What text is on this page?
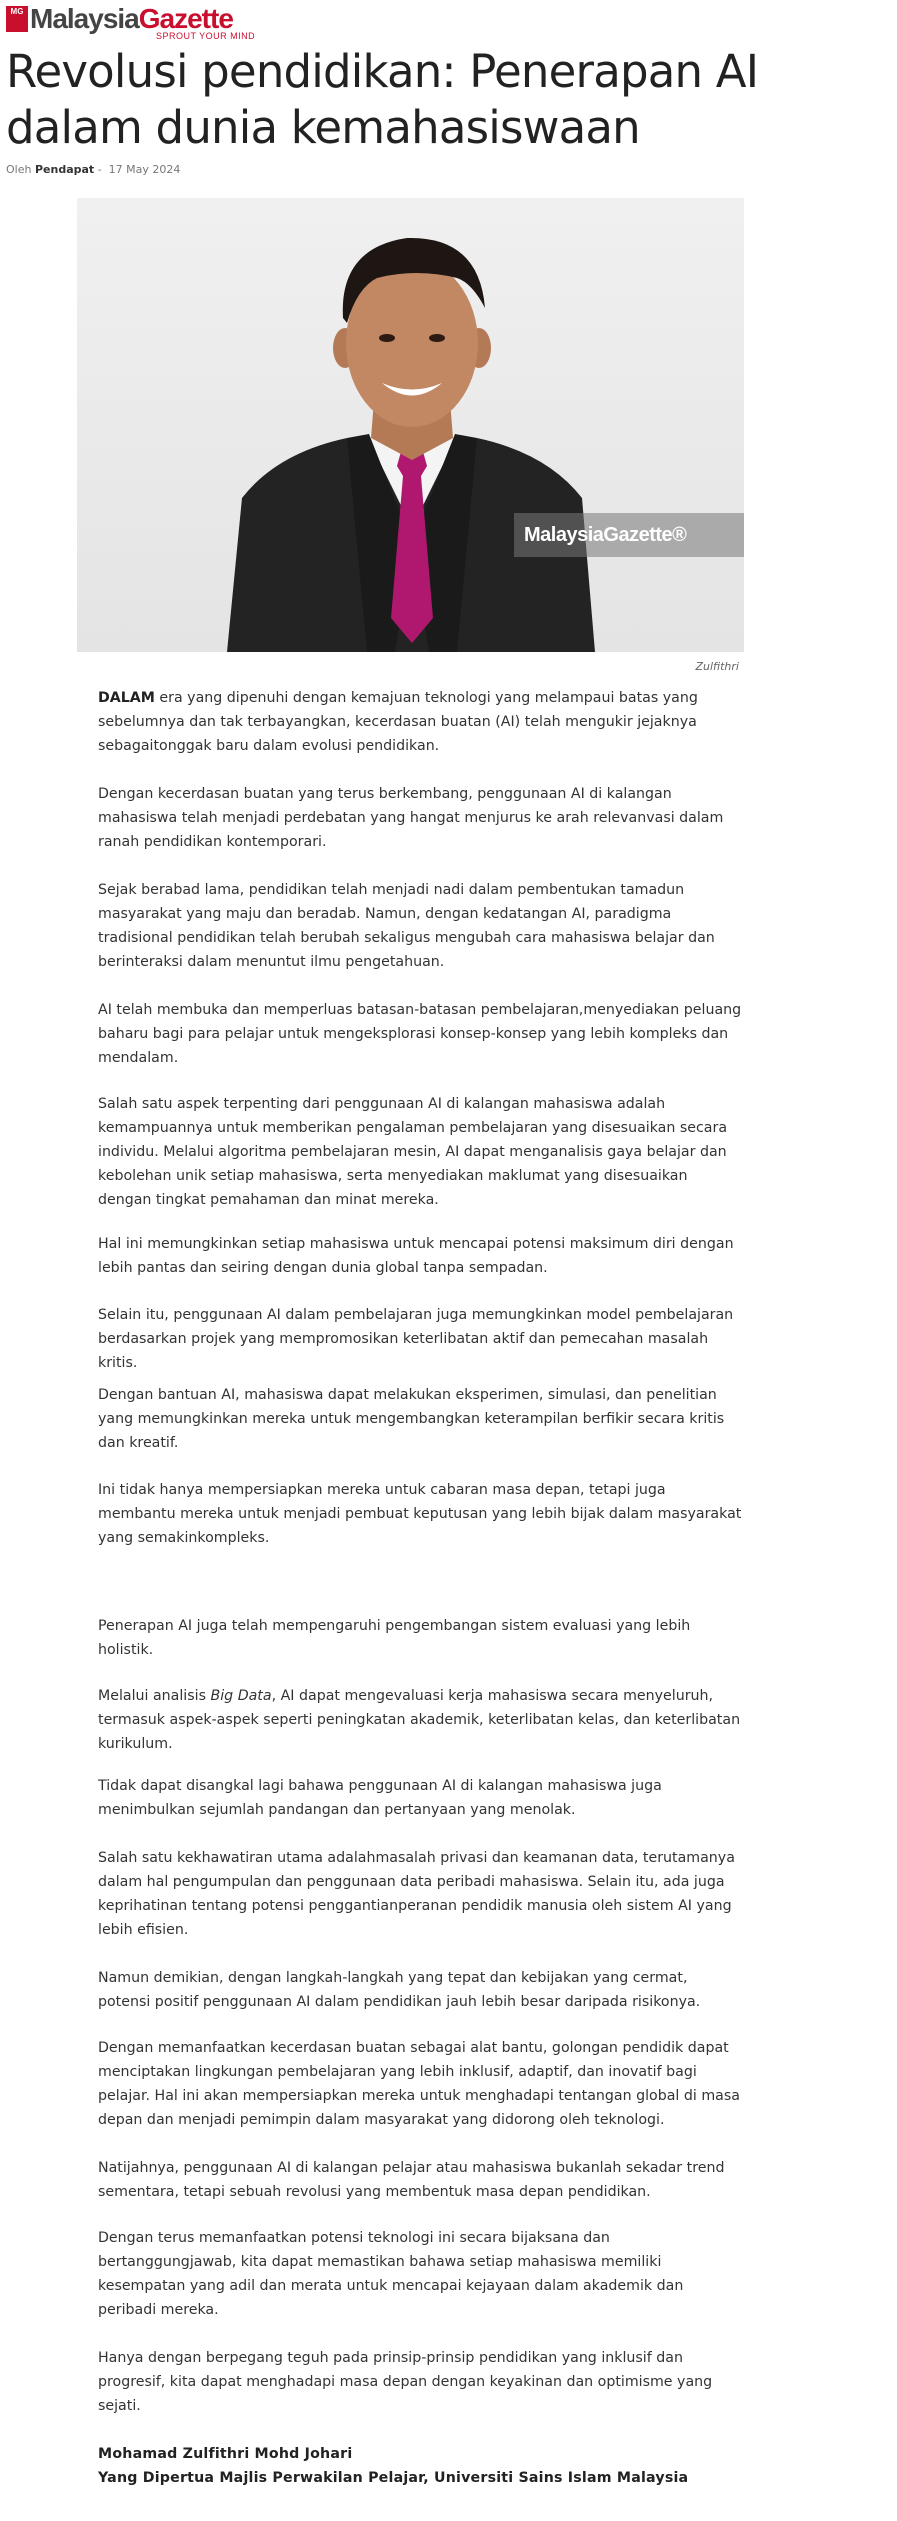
MG MalaysiaGazette
SPROUT YOUR MIND
Revolusi pendidikan: Penerapan AI dalam dunia kemahasiswaan
Oleh Pendapat - 17 May 2024
MalaysiaGazette®
Zulfithri

DALAM era yang dipenuhi dengan kemajuan teknologi yang melampaui batas yang sebelumnya dan tak terbayangkan, kecerdasan buatan (AI) telah mengukir jejaknya sebagaitonggak baru dalam evolusi pendidikan.

Dengan kecerdasan buatan yang terus berkembang, penggunaan AI di kalangan mahasiswa telah menjadi perdebatan yang hangat menjurus ke arah relevanvasi dalam ranah pendidikan kontemporari.

Sejak berabad lama, pendidikan telah menjadi nadi dalam pembentukan tamadun masyarakat yang maju dan beradab. Namun, dengan kedatangan AI, paradigma tradisional pendidikan telah berubah sekaligus mengubah cara mahasiswa belajar dan berinteraksi dalam menuntut ilmu pengetahuan.

AI telah membuka dan memperluas batasan-batasan pembelajaran,menyediakan peluang baharu bagi para pelajar untuk mengeksplorasi konsep-konsep yang lebih kompleks dan mendalam.

Salah satu aspek terpenting dari penggunaan AI di kalangan mahasiswa adalah kemampuannya untuk memberikan pengalaman pembelajaran yang disesuaikan secara individu. Melalui algoritma pembelajaran mesin, AI dapat menganalisis gaya belajar dan kebolehan unik setiap mahasiswa, serta menyediakan maklumat yang disesuaikan dengan tingkat pemahaman dan minat mereka.

Hal ini memungkinkan setiap mahasiswa untuk mencapai potensi maksimum diri dengan lebih pantas dan seiring dengan dunia global tanpa sempadan.

Selain itu, penggunaan AI dalam pembelajaran juga memungkinkan model pembelajaran berdasarkan projek yang mempromosikan keterlibatan aktif dan pemecahan masalah kritis.

Dengan bantuan AI, mahasiswa dapat melakukan eksperimen, simulasi, dan penelitian yang memungkinkan mereka untuk mengembangkan keterampilan berfikir secara kritis dan kreatif.

Ini tidak hanya mempersiapkan mereka untuk cabaran masa depan, tetapi juga membantu mereka untuk menjadi pembuat keputusan yang lebih bijak dalam masyarakat yang semakinkompleks.

Penerapan AI juga telah mempengaruhi pengembangan sistem evaluasi yang lebih holistik.

Melalui analisis Big Data, AI dapat mengevaluasi kerja mahasiswa secara menyeluruh, termasuk aspek-aspek seperti peningkatan akademik, keterlibatan kelas, dan keterlibatan kurikulum.

Tidak dapat disangkal lagi bahawa penggunaan AI di kalangan mahasiswa juga menimbulkan sejumlah pandangan dan pertanyaan yang menolak.

Salah satu kekhawatiran utama adalahmasalah privasi dan keamanan data, terutamanya dalam hal pengumpulan dan penggunaan data peribadi mahasiswa. Selain itu, ada juga keprihatinan tentang potensi penggantianperanan pendidik manusia oleh sistem AI yang lebih efisien.

Namun demikian, dengan langkah-langkah yang tepat dan kebijakan yang cermat, potensi positif penggunaan AI dalam pendidikan jauh lebih besar daripada risikonya.

Dengan memanfaatkan kecerdasan buatan sebagai alat bantu, golongan pendidik dapat menciptakan lingkungan pembelajaran yang lebih inklusif, adaptif, dan inovatif bagi pelajar. Hal ini akan mempersiapkan mereka untuk menghadapi tentangan global di masa depan dan menjadi pemimpin dalam masyarakat yang didorong oleh teknologi.

Natijahnya, penggunaan AI di kalangan pelajar atau mahasiswa bukanlah sekadar trend sementara, tetapi sebuah revolusi yang membentuk masa depan pendidikan.

Dengan terus memanfaatkan potensi teknologi ini secara bijaksana dan bertanggungjawab, kita dapat memastikan bahawa setiap mahasiswa memiliki kesempatan yang adil dan merata untuk mencapai kejayaan dalam akademik dan peribadi mereka.

Hanya dengan berpegang teguh pada prinsip-prinsip pendidikan yang inklusif dan progresif, kita dapat menghadapi masa depan dengan keyakinan dan optimisme yang sejati.

Mohamad Zulfithri Mohd Johari

Yang Dipertua Majlis Perwakilan Pelajar, Universiti Sains Islam Malaysia
